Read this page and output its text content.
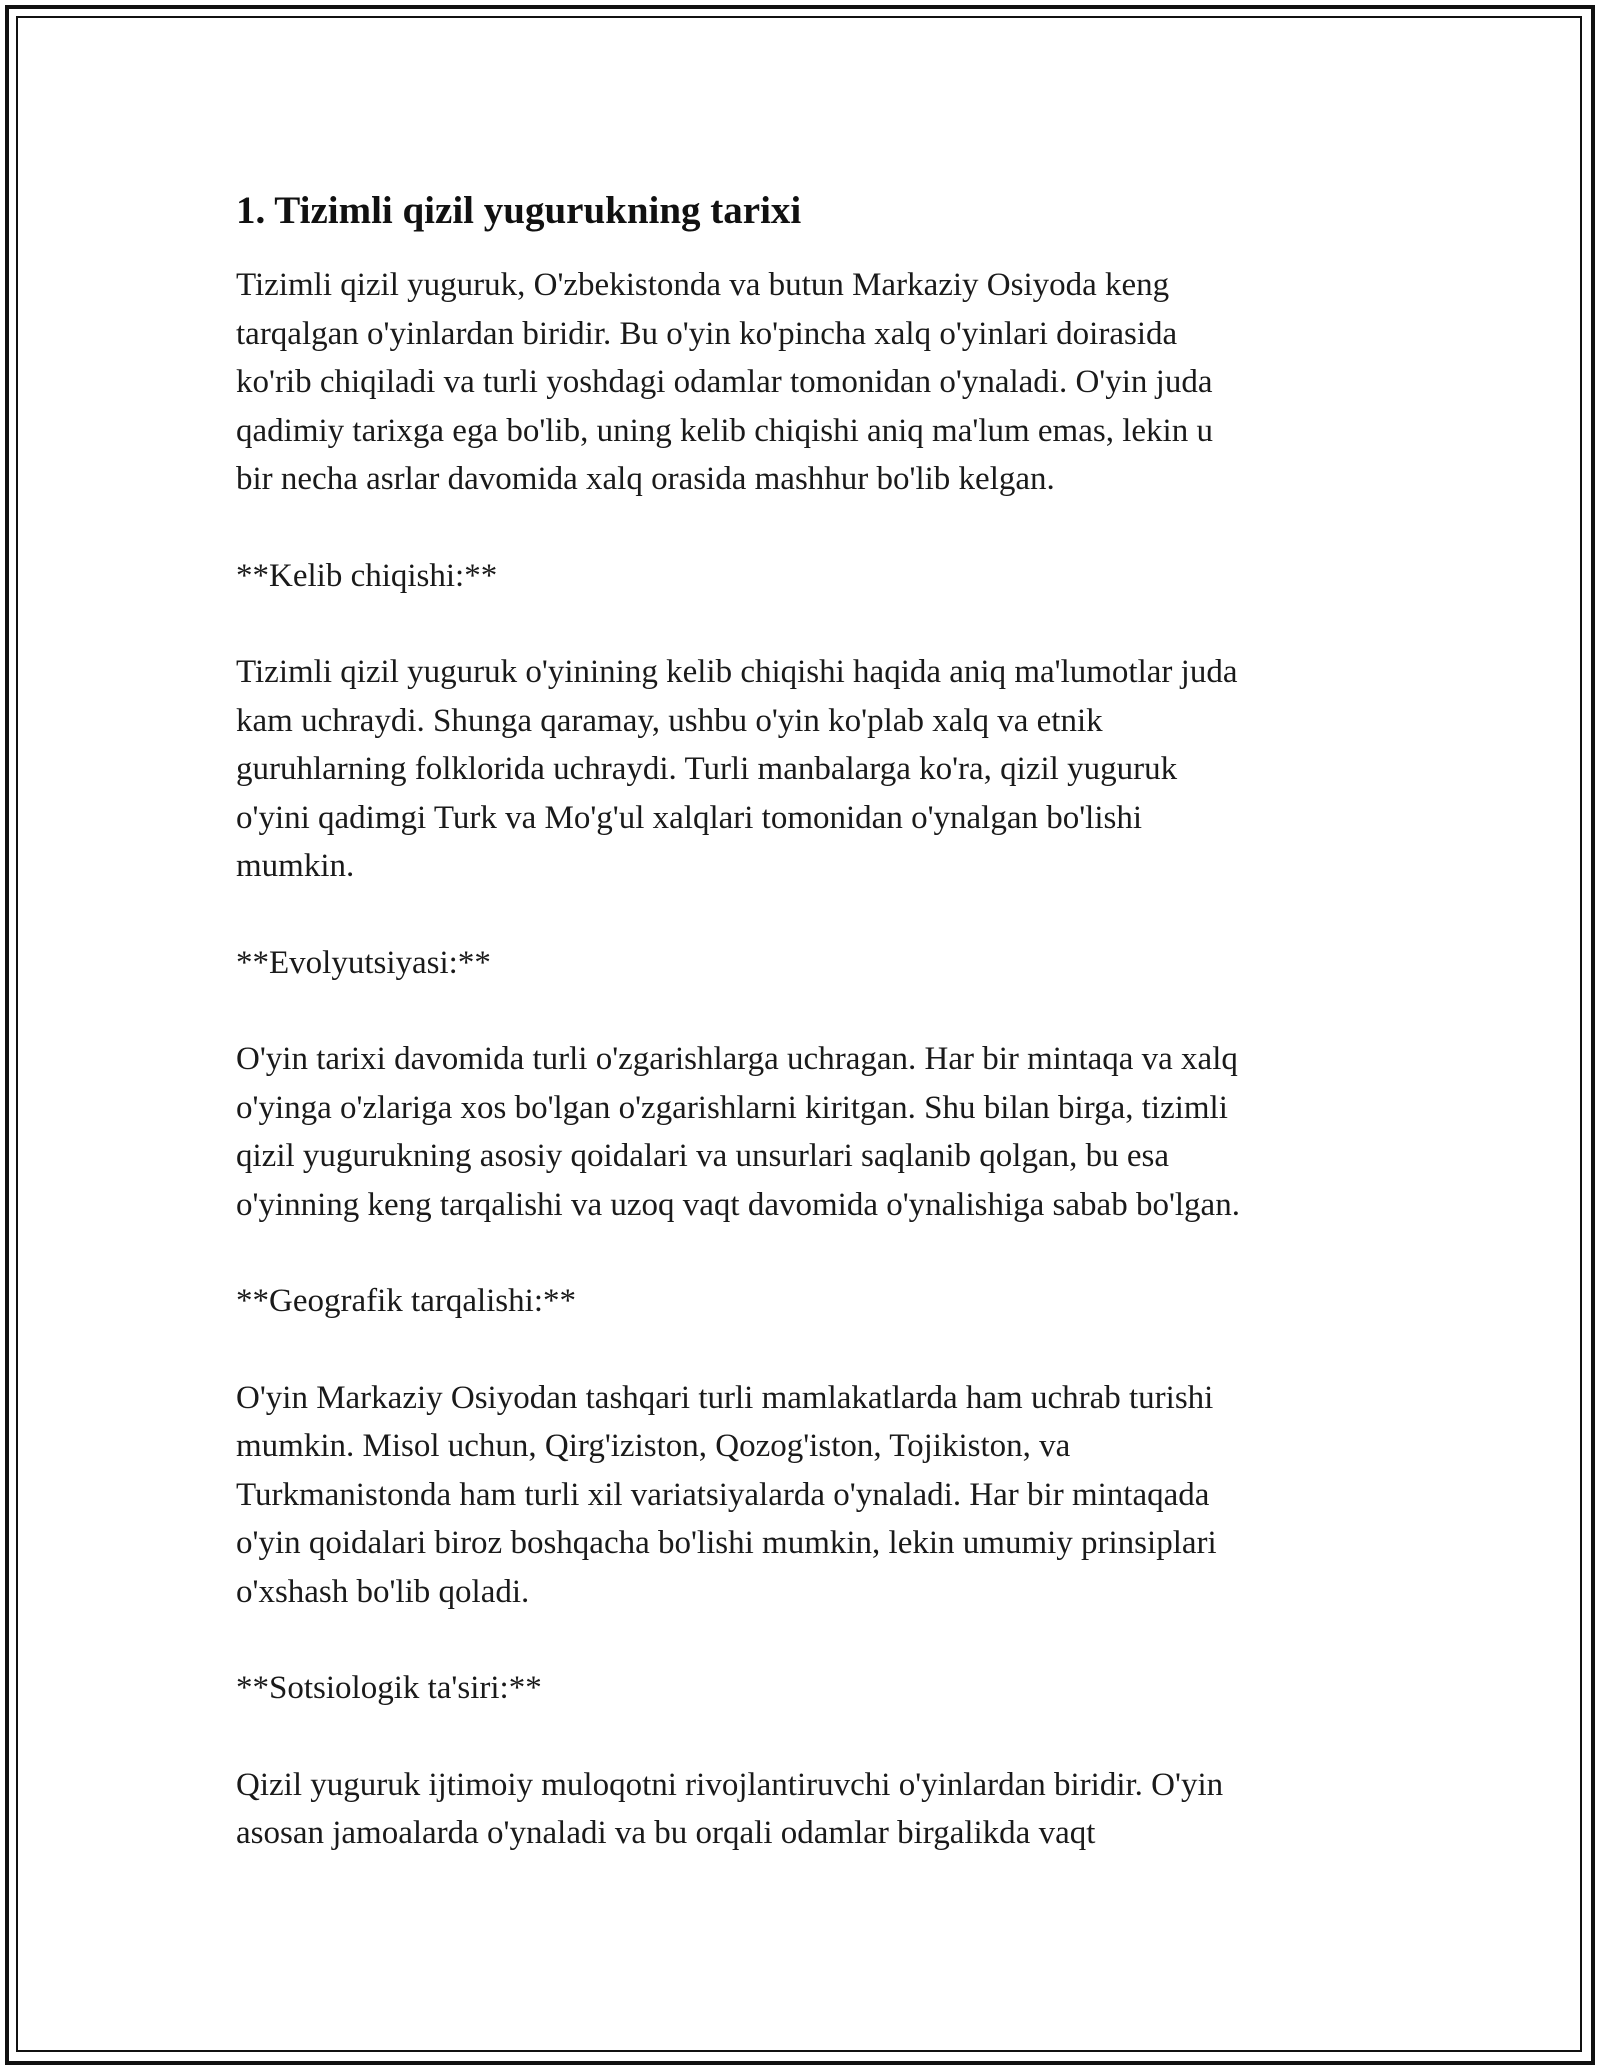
1. Tizimli qizil yugurukning tarixi

Tizimli qizil yuguruk, O'zbekistonda va butun Markaziy Osiyoda keng
tarqalgan o'yinlardan biridir. Bu o'yin ko'pincha xalq o'yinlari doirasida
ko'rib chiqiladi va turli yoshdagi odamlar tomonidan o'ynaladi. O'yin juda
qadimiy tarixga ega bo'lib, uning kelib chiqishi aniq ma'lum emas, lekin u
bir necha asrlar davomida xalq orasida mashhur bo'lib kelgan.

**Kelib chiqishi:**

Tizimli qizil yuguruk o'yinining kelib chiqishi haqida aniq ma'lumotlar juda
kam uchraydi. Shunga qaramay, ushbu o'yin ko'plab xalq va etnik
guruhlarning folklorida uchraydi. Turli manbalarga ko'ra, qizil yuguruk
o'yini qadimgi Turk va Mo'g'ul xalqlari tomonidan o'ynalgan bo'lishi
mumkin.

**Evolyutsiyasi:**

O'yin tarixi davomida turli o'zgarishlarga uchragan. Har bir mintaqa va xalq
o'yinga o'zlariga xos bo'lgan o'zgarishlarni kiritgan. Shu bilan birga, tizimli
qizil yugurukning asosiy qoidalari va unsurlari saqlanib qolgan, bu esa
o'yinning keng tarqalishi va uzoq vaqt davomida o'ynalishiga sabab bo'lgan.

**Geografik tarqalishi:**

O'yin Markaziy Osiyodan tashqari turli mamlakatlarda ham uchrab turishi
mumkin. Misol uchun, Qirg'iziston, Qozog'iston, Tojikiston, va
Turkmanistonda ham turli xil variatsiyalarda o'ynaladi. Har bir mintaqada
o'yin qoidalari biroz boshqacha bo'lishi mumkin, lekin umumiy prinsiplari
o'xshash bo'lib qoladi.

**Sotsiologik ta'siri:**

Qizil yuguruk ijtimoiy muloqotni rivojlantiruvchi o'yinlardan biridir. O'yin
asosan jamoalarda o'ynaladi va bu orqali odamlar birgalikda vaqt
